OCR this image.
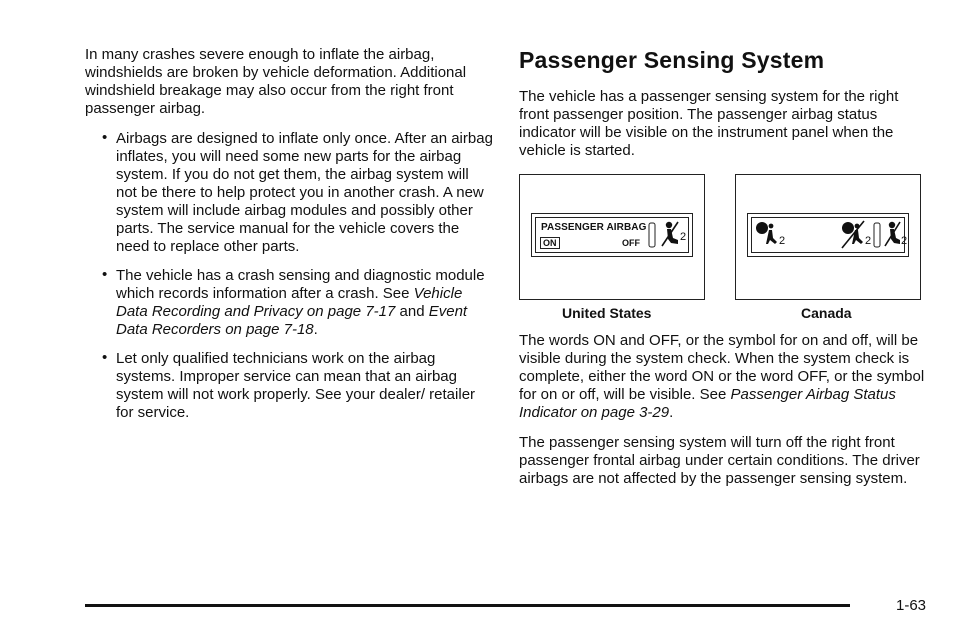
In many crashes severe enough to inflate the airbag, windshields are broken by vehicle deformation. Additional windshield breakage may also occur from the right front passenger airbag.

• Airbags are designed to inflate only once. After an airbag inflates, you will need some new parts for the airbag system. If you do not get them, the airbag system will not be there to help protect you in another crash. A new system will include airbag modules and possibly other parts. The service manual for the vehicle covers the need to replace other parts.
• The vehicle has a crash sensing and diagnostic module which records information after a crash. See Vehicle Data Recording and Privacy on page 7-17 and Event Data Recorders on page 7-18.
• Let only qualified technicians work on the airbag systems. Improper service can mean that an airbag system will not work properly. See your dealer/ retailer for service.
Passenger Sensing System

The vehicle has a passenger sensing system for the right front passenger position. The passenger airbag status indicator will be visible on the instrument panel when the vehicle is started.

PASSENGER AIRBAG
ON	OFF	2	2	2	2
United States	Canada

The words ON and OFF, or the symbol for on and off, will be visible during the system check. When the system check is complete, either the word ON or the word OFF, or the symbol for on or off, will be visible. See Passenger Airbag Status Indicator on page 3-29.

The passenger sensing system will turn off the right front passenger frontal airbag under certain conditions. The driver airbags are not affected by the passenger sensing system.

1-63
